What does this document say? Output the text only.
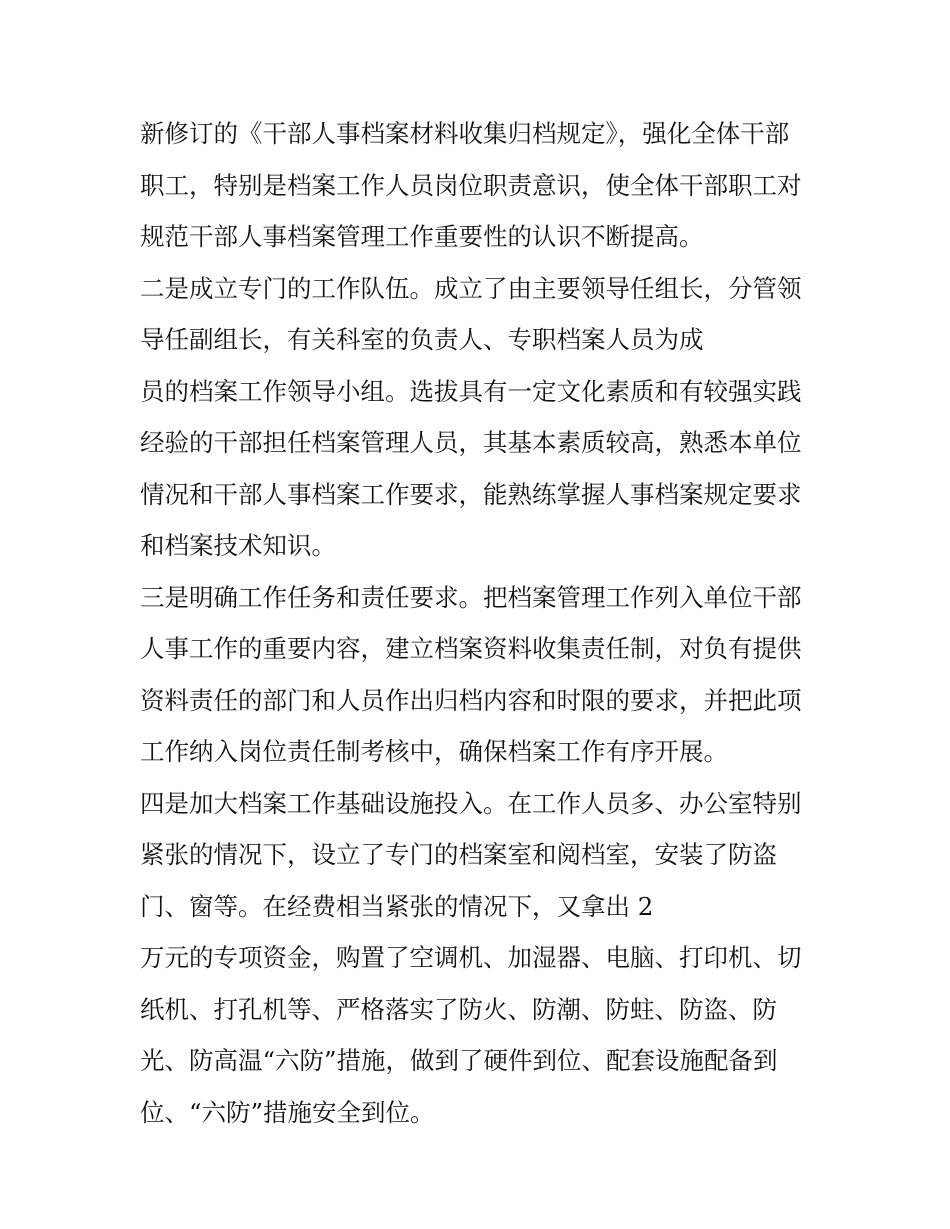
新修订的《干部人事档案材料收集归档规定》，强化全体干部
职工，特别是档案工作人员岗位职责意识，使全体干部职工对
规范干部人事档案管理工作重要性的认识不断提高。
二是成立专门的工作队伍。成立了由主要领导任组长，分管领
导任副组长，有关科室的负责人、专职档案人员为成
员的档案工作领导小组。选拔具有一定文化素质和有较强实践
经验的干部担任档案管理人员，其基本素质较高，熟悉本单位
情况和干部人事档案工作要求，能熟练掌握人事档案规定要求
和档案技术知识。
三是明确工作任务和责任要求。把档案管理工作列入单位干部
人事工作的重要内容，建立档案资料收集责任制，对负有提供
资料责任的部门和人员作出归档内容和时限的要求，并把此项
工作纳入岗位责任制考核中，确保档案工作有序开展。
四是加大档案工作基础设施投入。在工作人员多、办公室特别
紧张的情况下，设立了专门的档案室和阅档室，安装了防盗
门、窗等。在经费相当紧张的情况下，又拿出 2
万元的专项资金，购置了空调机、加湿器、电脑、打印机、切
纸机、打孔机等、严格落实了防火、防潮、防蛀、防盗、防
光、防高温“六防”措施，做到了硬件到位、配套设施配备到
位、“六防”措施安全到位。
